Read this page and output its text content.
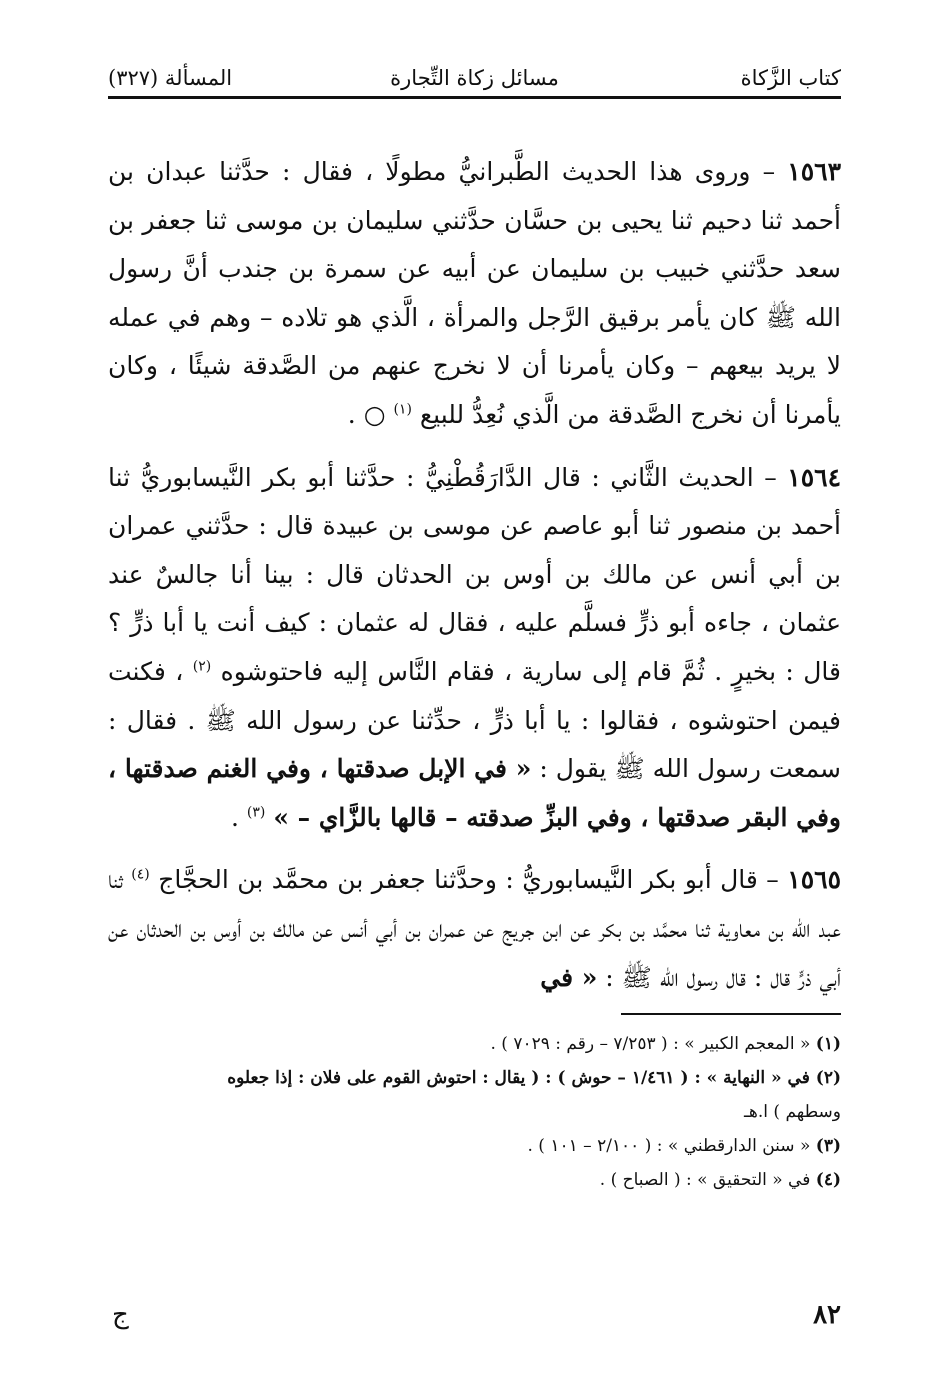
كتاب الزَّكاة
مسائل زكاة التِّجارة
المسألة (٣٢٧)

١٥٦٣ – وروى هذا الحديث الطَّبرانيُّ مطولًا ، فقال : حدَّثنا عبدان بن أحمد ثنا دحيم ثنا يحيى بن حسَّان حدَّثني سليمان بن موسى ثنا جعفر بن سعد حدَّثني خبيب بن سليمان عن أبيه عن سمرة بن جندب أنَّ رسول الله ﷺ كان يأمر برقيق الرَّجل والمرأة ، الَّذي هو تلاده – وهم في عمله لا يريد بيعهم – وكان يأمرنا أن لا نخرج عنهم من الصَّدقة شيئًا ، وكان يأمرنا أن نخرج الصَّدقة من الَّذي نُعِدُّ للبيع $^{(١)}$ ○ .

١٥٦٤ – الحديث الثَّاني : قال الدَّارَقُطْنِيُّ : حدَّثنا أبو بكر النَّيسابوريُّ ثنا أحمد بن منصور ثنا أبو عاصم عن موسى بن عبيدة قال : حدَّثني عمران بن أبي أنس عن مالك بن أوس بن الحدثان قال : بينا أنا جالسٌ عند عثمان ، جاءه أبو ذرٍّ فسلَّم عليه ، فقال له عثمان : كيف أنت يا أبا ذرٍّ ؟ قال : بخيرٍ . ثُمَّ قام إلى سارية ، فقام النَّاس إليه فاحتوشوه $^{(٢)}$ ، فكنت فيمن احتوشوه ، فقالوا : يا أبا ذرٍّ ، حدِّثنا عن رسول الله ﷺ . فقال : سمعت رسول الله ﷺ يقول : « في الإبل صدقتها ، وفي الغنم صدقتها ، وفي البقر صدقتها ، وفي البزِّ صدقته – قالها بالزَّاي – » $^{(٣)}$ .

١٥٦٥ – قال أبو بكر النَّيسابوريُّ : وحدَّثنا جعفر بن محمَّد بن الحجَّاج $^{(٤)}$ ثنا عبد الله بن معاوية ثنا محمَّد بن بكر عن ابن جريج عن عمران بن أبي أنس عن مالك بن أوس بن الحدثان عن أبي ذرٍّ قال : قال رسول الله ﷺ : « في

(١) « المعجم الكبير » : ( ٧/٢٥٣ – رقم : ٧٠٢٩ ) .

(٢) في « النهاية » : ( ١/٤٦١ – حوش ) : ( يقال : احتوش القوم على فلان : إذا جعلوه

وسطهم ) ا.هـ

(٣) « سنن الدارقطني » : ( ٢/١٠٠ – ١٠١ ) .

(٤) في « التحقيق » : ( الصباح ) .

٨٢
ج
